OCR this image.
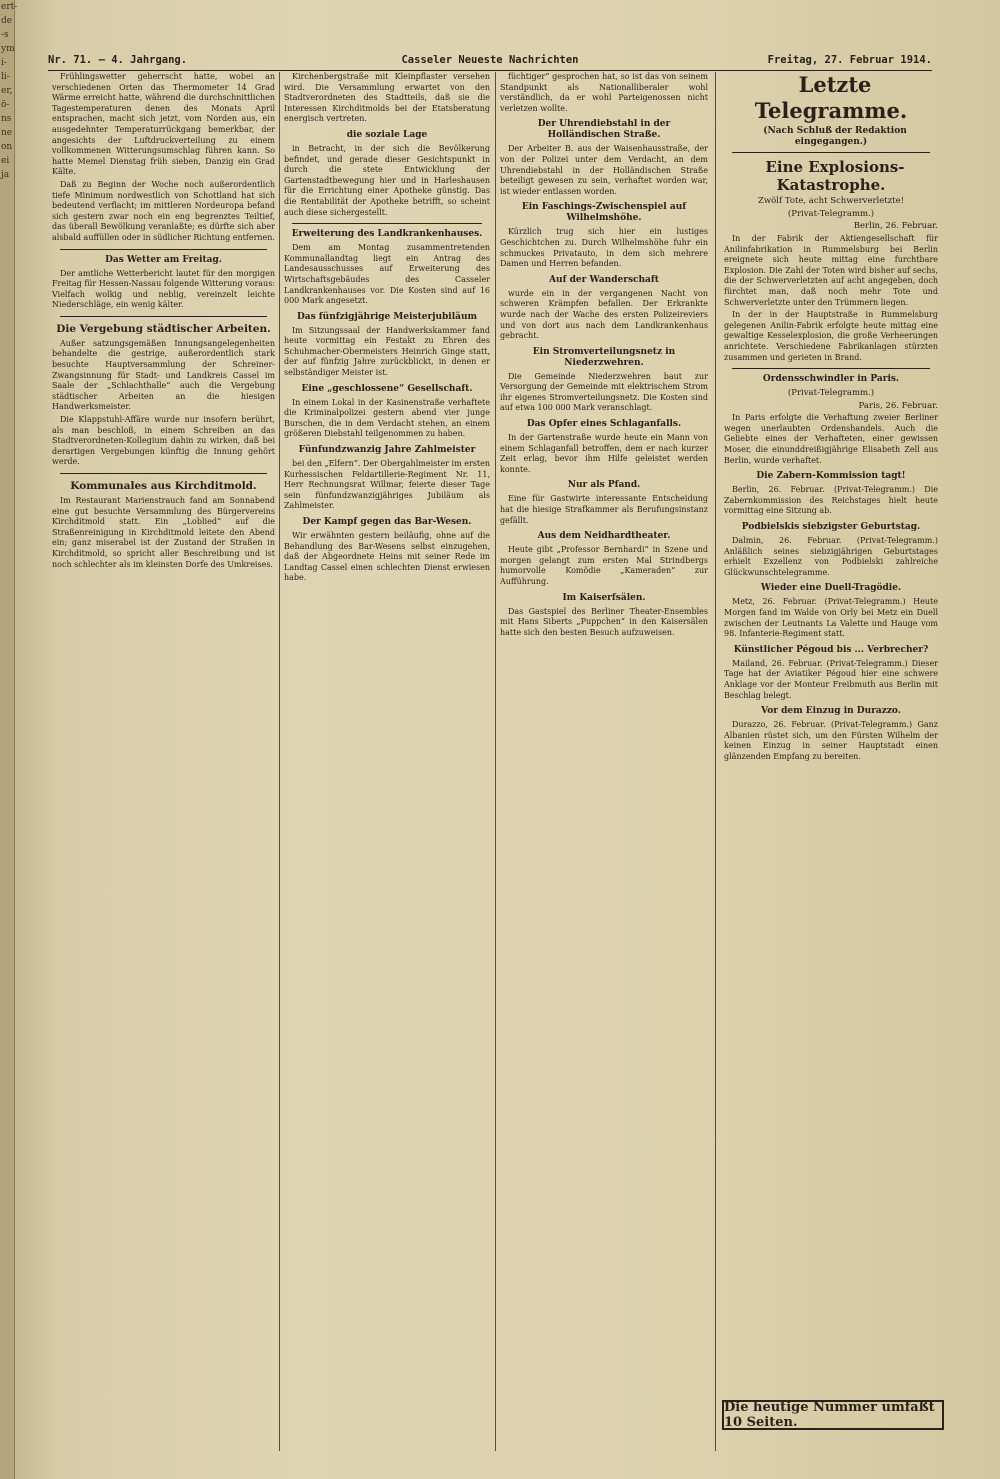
ert-
de
-s
ym
i-
li-
er,
ö-
ns
ne
on
ei
ja
Nr. 71. — 4. Jahrgang.	Casseler Neueste Nachrichten	Freitag, 27. Februar 1914.

Frühlingswetter geherrscht hatte, wobei an verschiedenen Orten das Thermometer 14 Grad Wärme erreicht hatte, während die durchschnittlichen Tagestemperaturen denen des Monats April entsprachen, macht sich jetzt, vom Norden aus, ein ausgedehnter Temperaturrückgang bemerkbar, der angesichts der Luftdruckverteilung zu einem vollkommenen Witterungsumschlag führen kann. So hatte Memel Dienstag früh sieben, Danzig ein Grad Kälte.

Daß zu Beginn der Woche noch außerordentlich tiefe Minimum nordwestlich von Schottland hat sich bedeutend verflacht; im mittleren Nordeuropa befand sich gestern zwar noch ein eng begrenztes Teiltief, das überall Bewölkung veranlaßte; es dürfte sich aber alsbald auffüllen oder in südlicher Richtung entfernen.

Das Wetter am Freitag.

Der amtliche Wetterbericht lautet für den morgigen Freitag für Hessen-Nassau folgende Witterung voraus: Vielfach wolkig und neblig, vereinzelt leichte Niederschläge, ein wenig kälter.

Die Vergebung städtischer Arbeiten.

Außer satzungsgemäßen Innungsangelegenheiten behandelte die gestrige, außerordentlich stark besuchte Hauptversammlung der Schreiner-Zwangsinnung für Stadt- und Landkreis Cassel im Saale der „Schlachthalle“ auch die Vergebung städtischer Arbeiten an die hiesigen Handwerksmeister.

Die Klappstuhl-Affäre wurde nur insofern berührt, als man beschloß, in einem Schreiben an das Stadtverordneten-Kollegium dahin zu wirken, daß bei derartigen Vergebungen künftig die Innung gehört werde.

Kommunales aus Kirchditmold.

Im Restaurant Marienstrauch fand am Sonnabend eine gut besuchte Versammlung des Bürgervereins Kirchditmold statt. Ein „Loblied“ auf die Straßenreinigung in Kirchditmold leitete den Abend ein; ganz miserabel ist der Zustand der Straßen in Kirchditmold, so spricht aller Beschreibung und ist noch schlechter als im kleinsten Dorfe des Umkreises.

Kirchenbergstraße mit Kleinpflaster versehen wird. Die Versammlung erwartet von den Stadtverordneten des Stadtteils, daß sie die Interessen Kirchditmolds bei der Etatsberatung energisch vertreten.

die soziale Lage

in Betracht, in der sich die Bevölkerung befindet, und gerade dieser Gesichtspunkt in durch die stete Entwicklung der Gartenstadtbewegung hier und in Harleshausen für die Errichtung einer Apotheke günstig. Das die Rentabilität der Apotheke betrifft, so scheint auch diese sichergestellt.

Erweiterung des Landkrankenhauses.

Dem am Montag zusammentretenden Kommunallandtag liegt ein Antrag des Landesausschusses auf Erweiterung des Wirtschaftsgebäudes des Casseler Landkrankenhauses vor. Die Kosten sind auf 16 000 Mark angesetzt.

Das fünfzigjährige Meisterjubiläum

Im Sitzungssaal der Handwerkskammer fand heute vormittag ein Festakt zu Ehren des Schuhmacher-Obermeisters Heinrich Ginge statt, der auf fünfzig Jahre zurückblickt, in denen er selbständiger Meister ist.

Eine „geschlossene“ Gesellschaft.

In einem Lokal in der Kasinenstraße verhaftete die Kriminalpolizei gestern abend vier junge Burschen, die in dem Verdacht stehen, an einem größeren Diebstahl teilgenommen zu haben.

Fünfundzwanzig Jahre Zahlmeister

bei den „Elfern“. Der Obergahlmeister im ersten Kurhessischen Feldartillerie-Regiment Nr. 11, Herr Rechnungsrat Willmar, feierte dieser Tage sein fünfundzwanzigjähriges Jubiläum als Zahlmeister.

Der Kampf gegen das Bar-Wesen.

Wir erwähnten gestern beiläufig, ohne auf die Behandlung des Bar-Wesens selbst einzugehen, daß der Abgeordnete Heins mit seiner Rede im Landtag Cassel einen schlechten Dienst erwiesen habe.

füchtiger“ gesprochen hat, so ist das von seinem Standpunkt als Nationalliberaler wohl verständlich, da er wohl Parteigenossen nicht verletzen wollte.

Der Uhrendiebstahl in der Holländischen Straße.

Der Arbeiter B. aus der Waisenhausstraße, der von der Polizei unter dem Verdacht, an dem Uhrendiebstahl in der Holländischen Straße beteiligt gewesen zu sein, verhaftet worden war, ist wieder entlassen worden.

Ein Faschings-Zwischenspiel auf Wilhelmshöhe.

Kürzlich trug sich hier ein lustiges Geschichtchen zu. Durch Wilhelmshöhe fuhr ein schmuckes Privatauto, in dem sich mehrere Damen und Herren befanden.

Auf der Wanderschaft

wurde ein in der vergangenen Nacht von schweren Krämpfen befallen. Der Erkrankte wurde nach der Wache des ersten Polizeireviers und von dort aus nach dem Landkrankenhaus gebracht.

Ein Stromverteilungsnetz in Niederzwehren.

Die Gemeinde Niederzwehren baut zur Versorgung der Gemeinde mit elektrischem Strom ihr eigenes Stromverteilungsnetz. Die Kosten sind auf etwa 100 000 Mark veranschlagt.

Das Opfer eines Schlaganfalls.

In der Gartenstraße wurde heute ein Mann von einem Schlaganfall betroffen, dem er nach kurzer Zeit erlag, bevor ihm Hilfe geleistet werden konnte.

Nur als Pfand.

Eine für Gastwirte interessante Entscheidung hat die hiesige Strafkammer als Berufungsinstanz gefällt.

Aus dem Neidhardtheater.

Heute gibt „Professor Bernhardi“ in Szene und morgen gelangt zum ersten Mal Strindbergs humorvolle Komödie „Kameraden“ zur Aufführung.

Im Kaiserfsälen.

Das Gastspiel des Berliner Theater-Ensembles mit Hans Siberts „Puppchen“ in den Kaisersälen hatte sich den besten Besuch aufzuweisen.

Letzte Telegramme.

(Nach Schluß der Redaktion eingegangen.)

Eine Explosions-Katastrophe.

Zwölf Tote, acht Schwerverletzte!

(Privat-Telegramm.)

Berlin, 26. Februar.

In der Fabrik der Aktiengesellschaft für Anilinfabrikation in Rummelsburg bei Berlin ereignete sich heute mittag eine furchtbare Explosion. Die Zahl der Toten wird bisher auf sechs, die der Schwerverletzten auf acht angegeben, doch fürchtet man, daß noch mehr Tote und Schwerverletzte unter den Trümmern liegen.

In der in der Hauptstraße in Rummelsburg gelegenen Anilin-Fabrik erfolgte heute mittag eine gewaltige Kesselexplosion, die große Verheerungen anrichtete. Verschiedene Fabrikanlagen stürzten zusammen und gerieten in Brand.

Ordensschwindler in Paris.

(Privat-Telegramm.)

Paris, 26. Februar.

In Paris erfolgte die Verhaftung zweier Berliner wegen unerlaubten Ordenshandels. Auch die Geliebte eines der Verhafteten, einer gewissen Moser, die einunddreißigjährige Elisabeth Zell aus Berlin, wurde verhaftet.

Die Zabern-Kommission tagt!

Berlin, 26. Februar. (Privat-Telegramm.) Die Zabernkommission des Reichstages hielt heute vormittag eine Sitzung ab.

Podbielskis siebzigster Geburtstag.

Dalmin, 26. Februar. (Privat-Telegramm.) Anläßlich seines siebzigjährigen Geburtstages erhielt Exzellenz von Podbielski zahlreiche Glückwunschtelegramme.

Wieder eine Duell-Tragödie.

Metz, 26. Februar. (Privat-Telegramm.) Heute Morgen fand im Walde von Orly bei Metz ein Duell zwischen der Leutnants La Valette und Hauge vom 98. Infanterie-Regiment statt.

Künstlicher Pégoud bis ... Verbrecher?

Mailand, 26. Februar. (Privat-Telegramm.) Dieser Tage hat der Aviatiker Pégoud hier eine schwere Anklage vor der Monteur Freibmuth aus Berlin mit Beschlag belegt.

Vor dem Einzug in Durazzo.

Durazzo, 26. Februar. (Privat-Telegramm.) Ganz Albanien rüstet sich, um den Fürsten Wilhelm der keinen Einzug in seiner Hauptstadt einen glänzenden Empfang zu bereiten.

Die heutige Nummer umfaßt 10 Seiten.
